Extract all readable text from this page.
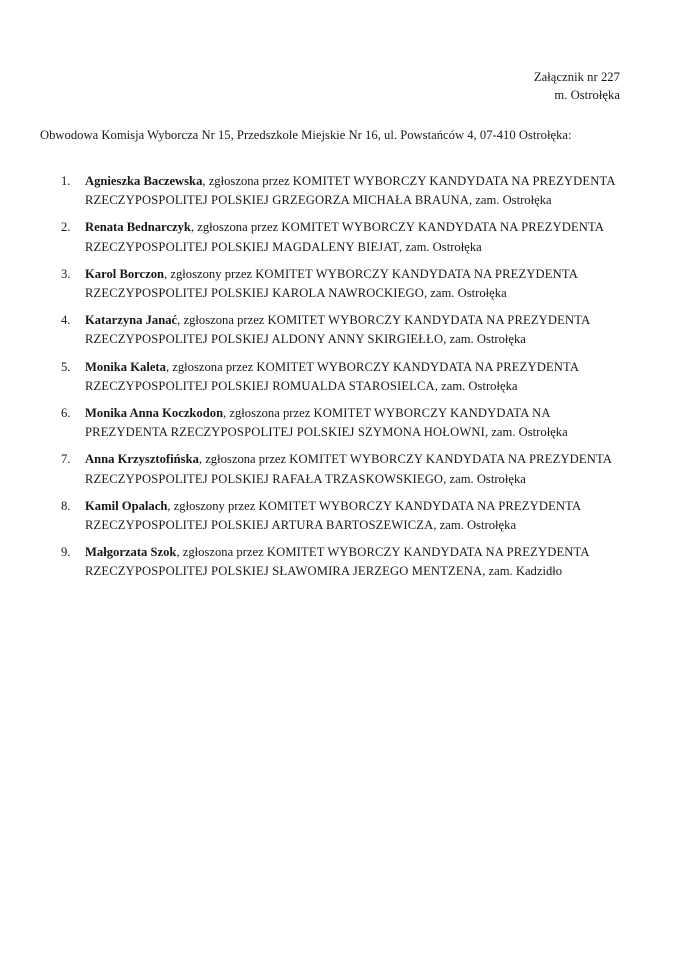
Załącznik nr 227
m. Ostrołęka
Obwodowa Komisja Wyborcza Nr 15, Przedszkole Miejskie Nr 16, ul. Powstańców 4, 07-410 Ostrołęka:
1.	Agnieszka Baczewska, zgłoszona przez KOMITET WYBORCZY KANDYDATA NA PREZYDENTA RZECZYPOSPOLITEJ POLSKIEJ GRZEGORZA MICHAŁA BRAUNA, zam. Ostrołęka
2.	Renata Bednarczyk, zgłoszona przez KOMITET WYBORCZY KANDYDATA NA PREZYDENTA RZECZYPOSPOLITEJ POLSKIEJ MAGDALENY BIEJAT, zam. Ostrołęka
3.	Karol Borczon, zgłoszony przez KOMITET WYBORCZY KANDYDATA NA PREZYDENTA RZECZYPOSPOLITEJ POLSKIEJ KAROLA NAWROCKIEGO, zam. Ostrołęka
4.	Katarzyna Janać, zgłoszona przez KOMITET WYBORCZY KANDYDATA NA PREZYDENTA RZECZYPOSPOLITEJ POLSKIEJ ALDONY ANNY SKIRGIEŁŁO, zam. Ostrołęka
5.	Monika Kaleta, zgłoszona przez KOMITET WYBORCZY KANDYDATA NA PREZYDENTA RZECZYPOSPOLITEJ POLSKIEJ ROMUALDA STAROSIELCA, zam. Ostrołęka
6.	Monika Anna Koczkodon, zgłoszona przez KOMITET WYBORCZY KANDYDATA NA PREZYDENTA RZECZYPOSPOLITEJ POLSKIEJ SZYMONA HOŁOWNI, zam. Ostrołęka
7.	Anna Krzysztofińska, zgłoszona przez KOMITET WYBORCZY KANDYDATA NA PREZYDENTA RZECZYPOSPOLITEJ POLSKIEJ RAFAŁA TRZASKOWSKIEGO, zam. Ostrołęka
8.	Kamil Opalach, zgłoszony przez KOMITET WYBORCZY KANDYDATA NA PREZYDENTA RZECZYPOSPOLITEJ POLSKIEJ ARTURA BARTOSZEWICZA, zam. Ostrołęka
9.	Małgorzata Szok, zgłoszona przez KOMITET WYBORCZY KANDYDATA NA PREZYDENTA RZECZYPOSPOLITEJ POLSKIEJ SŁAWOMIRA JERZEGO MENTZENA, zam. Kadzidło
